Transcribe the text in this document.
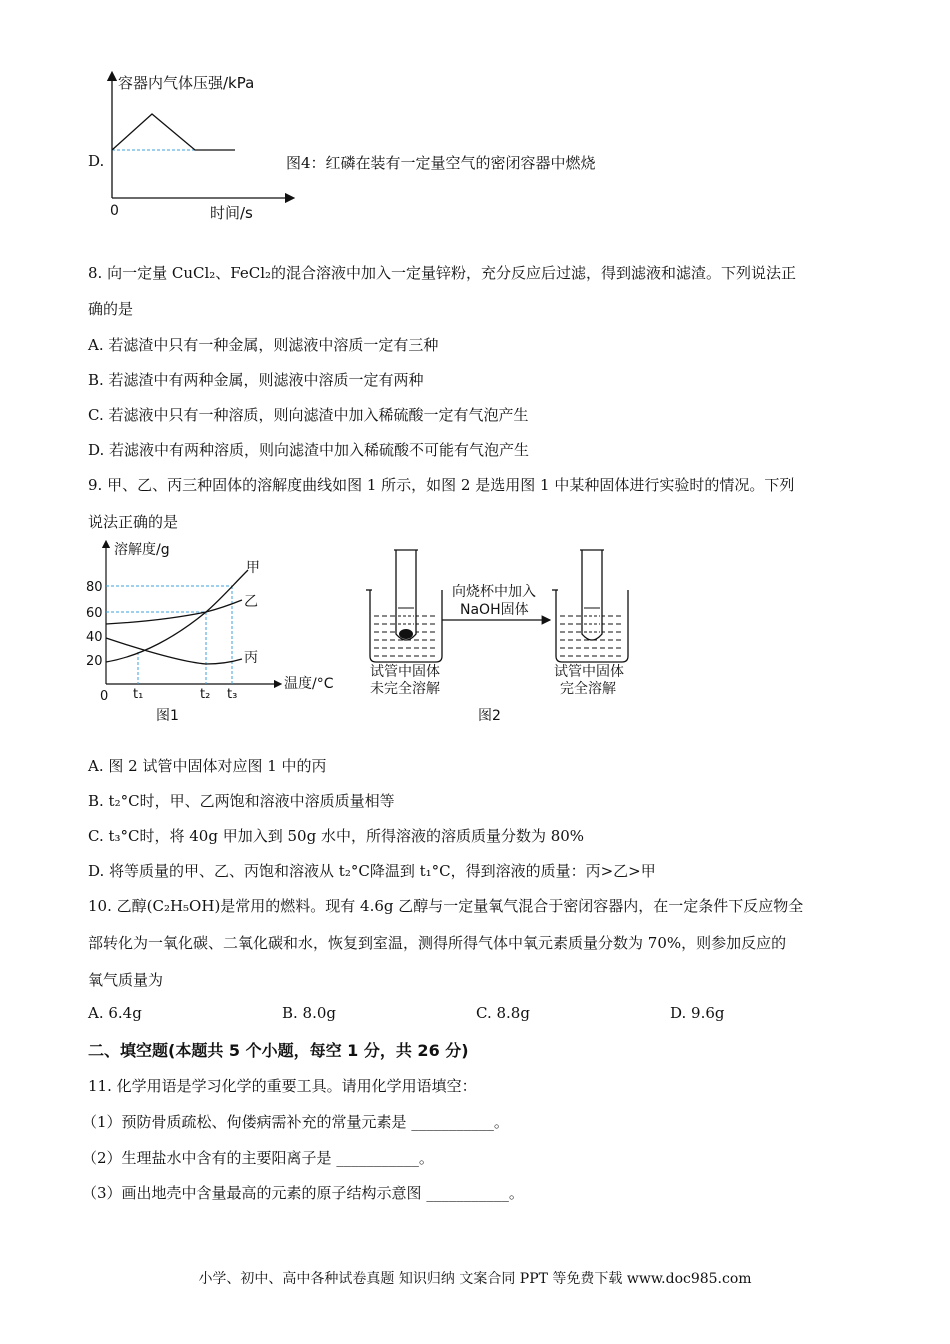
D.
容器内气体压强/kPa
0	时间/s
图4：红磷在装有一定量空气的密闭容器中燃烧
8. 向一定量 CuCl₂、FeCl₂的混合溶液中加入一定量锌粉，充分反应后过滤，得到滤液和滤渣。下列说法正
确的是
A. 若滤渣中只有一种金属，则滤液中溶质一定有三种
B. 若滤渣中有两种金属，则滤液中溶质一定有两种
C. 若滤液中只有一种溶质，则向滤渣中加入稀硫酸一定有气泡产生
D. 若滤液中有两种溶质，则向滤渣中加入稀硫酸不可能有气泡产生
9. 甲、乙、丙三种固体的溶解度曲线如图 1 所示，如图 2 是选用图 1 中某种固体进行实验时的情况。下列
说法正确的是
溶解度/g
80
60
40
20
0 t₁	t₂ t₃
温度/°C
甲
乙
丙
图1
向烧杯中加入
NaOH固体
试管中固体
未完全溶解
试管中固体
完全溶解
图2
A. 图 2 试管中固体对应图 1 中的丙
B. t₂°C时，甲、乙两饱和溶液中溶质质量相等
C. t₃°C时，将 40g 甲加入到 50g 水中，所得溶液的溶质质量分数为 80%
D. 将等质量的甲、乙、丙饱和溶液从 t₂°C降温到 t₁°C，得到溶液的质量：丙>乙>甲
10. 乙醇(C₂H₅OH)是常用的燃料。现有 4.6g 乙醇与一定量氧气混合于密闭容器内，在一定条件下反应物全
部转化为一氧化碳、二氧化碳和水，恢复到室温，测得所得气体中氧元素质量分数为 70%，则参加反应的
氧气质量为
A. 6.4g	B. 8.0g	C. 8.8g	D. 9.6g
二、填空题(本题共 5 个小题，每空 1 分，共 26 分)
11. 化学用语是学习化学的重要工具。请用化学用语填空：
（1）预防骨质疏松、佝偻病需补充的常量元素是 ___________。
（2）生理盐水中含有的主要阳离子是 ___________。
（3）画出地壳中含量最高的元素的原子结构示意图 ___________。
小学、初中、高中各种试卷真题 知识归纳 文案合同 PPT 等免费下载 www.doc985.com
